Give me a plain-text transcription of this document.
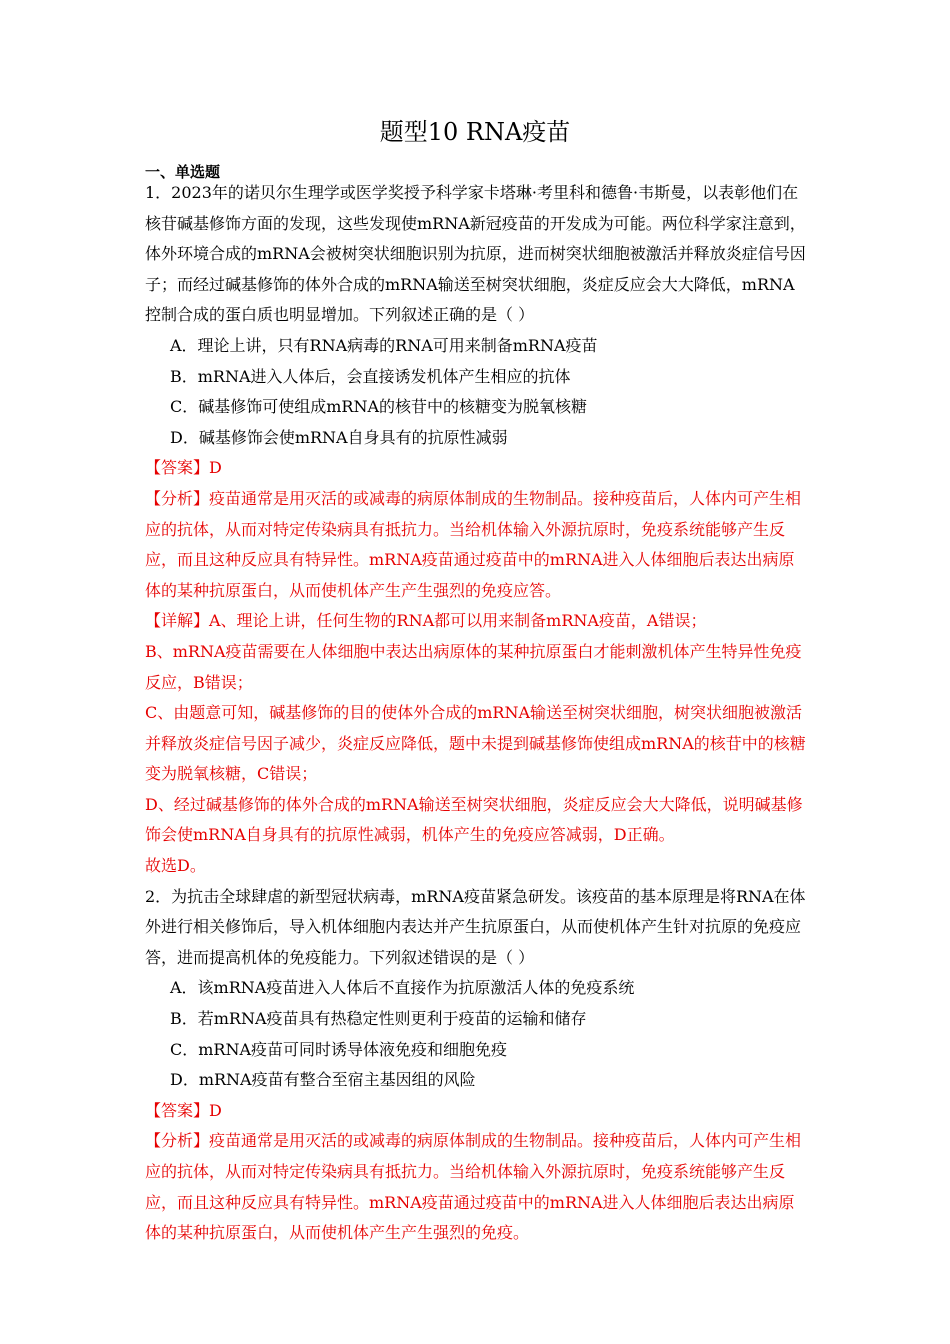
题型10 RNA疫苗
一、单选题

1．2023年的诺贝尔生理学或医学奖授予科学家卡塔琳·考里科和德鲁·韦斯曼，以表彰他们在核苷碱基修饰方面的发现，这些发现使mRNA新冠疫苗的开发成为可能。两位科学家注意到，体外环境合成的mRNA会被树突状细胞识别为抗原，进而树突状细胞被激活并释放炎症信号因子；而经过碱基修饰的体外合成的mRNA输送至树突状细胞，炎症反应会大大降低，mRNA控制合成的蛋白质也明显增加。下列叙述正确的是（ ）

A．理论上讲，只有RNA病毒的RNA可用来制备mRNA疫苗

B．mRNA进入人体后，会直接诱发机体产生相应的抗体

C．碱基修饰可使组成mRNA的核苷中的核糖变为脱氧核糖

D．碱基修饰会使mRNA自身具有的抗原性减弱

【答案】D

【分析】疫苗通常是用灭活的或减毒的病原体制成的生物制品。接种疫苗后，人体内可产生相应的抗体，从而对特定传染病具有抵抗力。当给机体输入外源抗原时，免疫系统能够产生反应，而且这种反应具有特异性。mRNA疫苗通过疫苗中的mRNA进入人体细胞后表达出病原体的某种抗原蛋白，从而使机体产生产生强烈的免疫应答。

【详解】A、理论上讲，任何生物的RNA都可以用来制备mRNA疫苗，A错误；

B、mRNA疫苗需要在人体细胞中表达出病原体的某种抗原蛋白才能刺激机体产生特异性免疫反应，B错误；

C、由题意可知，碱基修饰的目的使体外合成的mRNA输送至树突状细胞，树突状细胞被激活并释放炎症信号因子减少，炎症反应降低，题中未提到碱基修饰使组成mRNA的核苷中的核糖变为脱氧核糖，C错误；

D、经过碱基修饰的体外合成的mRNA输送至树突状细胞，炎症反应会大大降低，说明碱基修饰会使mRNA自身具有的抗原性减弱，机体产生的免疫应答减弱，D正确。

故选D。

2．为抗击全球肆虐的新型冠状病毒，mRNA疫苗紧急研发。该疫苗的基本原理是将RNA在体外进行相关修饰后，导入机体细胞内表达并产生抗原蛋白，从而使机体产生针对抗原的免疫应答，进而提高机体的免疫能力。下列叙述错误的是（ ）

A．该mRNA疫苗进入人体后不直接作为抗原激活人体的免疫系统

B．若mRNA疫苗具有热稳定性则更利于疫苗的运输和储存

C．mRNA疫苗可同时诱导体液免疫和细胞免疫

D．mRNA疫苗有整合至宿主基因组的风险

【答案】D

【分析】疫苗通常是用灭活的或减毒的病原体制成的生物制品。接种疫苗后，人体内可产生相应的抗体，从而对特定传染病具有抵抗力。当给机体输入外源抗原时，免疫系统能够产生反应，而且这种反应具有特异性。mRNA疫苗通过疫苗中的mRNA进入人体细胞后表达出病原体的某种抗原蛋白，从而使机体产生产生强烈的免疫。
